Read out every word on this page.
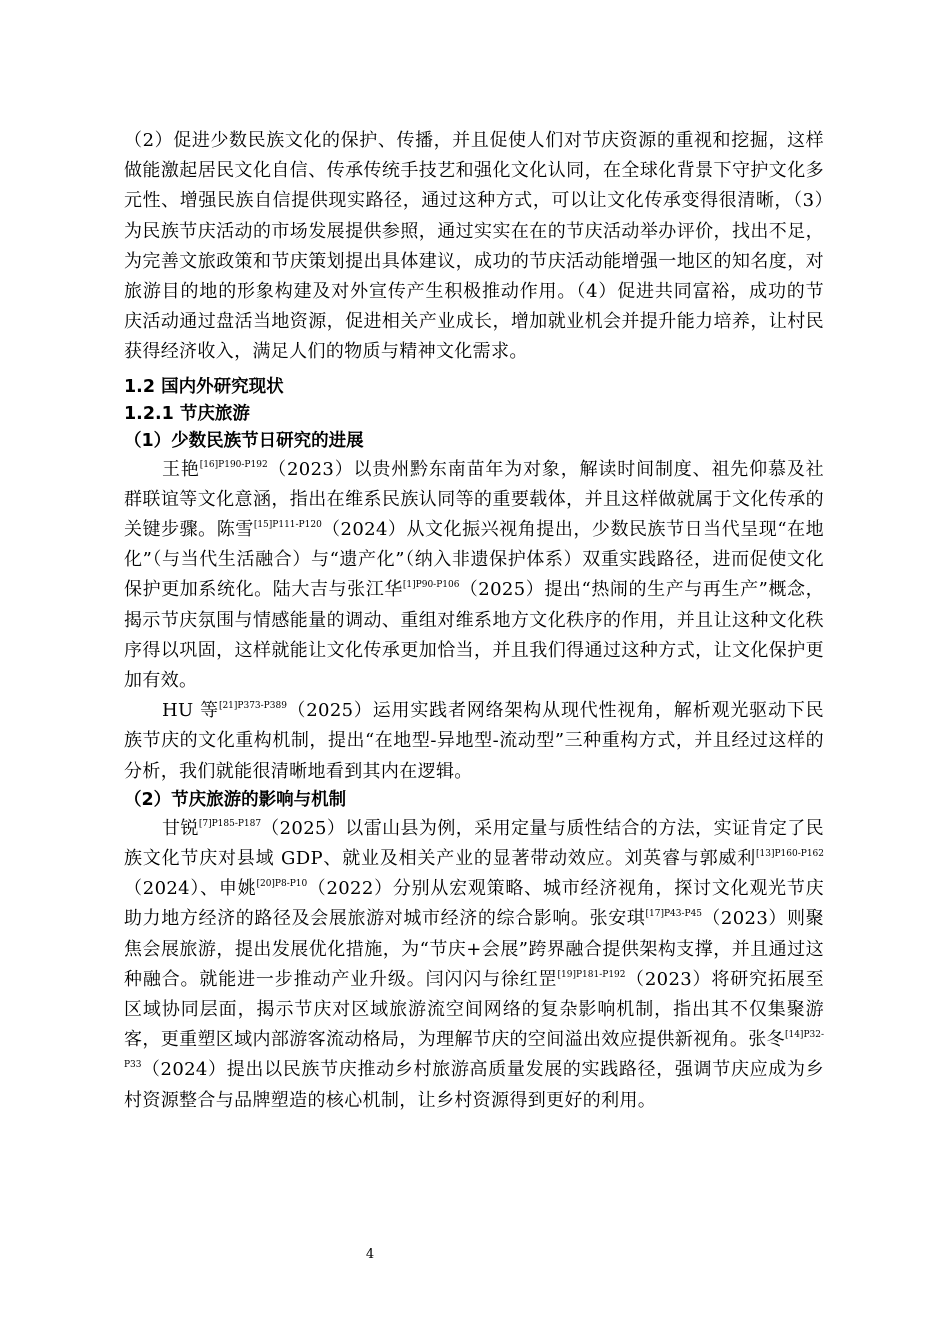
（2）促进少数民族文化的保护、传播，并且促使人们对节庆资源的重视和挖掘，这样做能激起居民文化自信、传承传统手技艺和强化文化认同，在全球化背景下守护文化多元性、增强民族自信提供现实路径，通过这种方式，可以让文化传承变得很清晰，（3）为民族节庆活动的市场发展提供参照，通过实实在在的节庆活动举办评价，找出不足，为完善文旅政策和节庆策划提出具体建议，成功的节庆活动能增强一地区的知名度，对旅游目的地的形象构建及对外宣传产生积极推动作用。（4）促进共同富裕，成功的节庆活动通过盘活当地资源，促进相关产业成长，增加就业机会并提升能力培养，让村民获得经济收入，满足人们的物质与精神文化需求。

1.2 国内外研究现状

1.2.1 节庆旅游

（1）少数民族节日研究的进展

王艳$^{[16]P190-P192}$（2023）以贵州黔东南苗年为对象，解读时间制度、祖先仰慕及社群联谊等文化意涵，指出在维系民族认同等的重要载体，并且这样做就属于文化传承的关键步骤。陈雪$^{[15]P111-P120}$（2024）从文化振兴视角提出，少数民族节日当代呈现“在地化”（与当代生活融合）与“遗产化”（纳入非遗保护体系）双重实践路径，进而促使文化保护更加系统化。陆大吉与张江华$^{[1]P90-P106}$（2025）提出“热闹的生产与再生产”概念，揭示节庆氛围与情感能量的调动、重组对维系地方文化秩序的作用，并且让这种文化秩序得以巩固，这样就能让文化传承更加恰当，并且我们得通过这种方式，让文化保护更加有效。

HU 等$^{[21]P373-P389}$（2025）运用实践者网络架构从现代性视角，解析观光驱动下民族节庆的文化重构机制，提出“在地型-异地型-流动型”三种重构方式，并且经过这样的分析，我们就能很清晰地看到其内在逻辑。

（2）节庆旅游的影响与机制

甘锐$^{[7]P185-P187}$（2025）以雷山县为例，采用定量与质性结合的方法，实证肯定了民族文化节庆对县域 GDP、就业及相关产业的显著带动效应。刘英睿与郭威利$^{[13]P160-P162}$（2024）、申姚$^{[20]P8-P10}$（2022）分别从宏观策略、城市经济视角，探讨文化观光节庆助力地方经济的路径及会展旅游对城市经济的综合影响。张安琪$^{[17]P43-P45}$（2023）则聚焦会展旅游，提出发展优化措施，为“节庆+会展”跨界融合提供架构支撑，并且通过这种融合。就能进一步推动产业升级。闫闪闪与徐红罡$^{[19]P181-P192}$（2023）将研究拓展至区域协同层面，揭示节庆对区域旅游流空间网络的复杂影响机制，指出其不仅集聚游客，更重塑区域内部游客流动格局，为理解节庆的空间溢出效应提供新视角。张冬$^{[14]P32-P33}$（2024）提出以民族节庆推动乡村旅游高质量发展的实践路径，强调节庆应成为乡村资源整合与品牌塑造的核心机制，让乡村资源得到更好的利用。

4
